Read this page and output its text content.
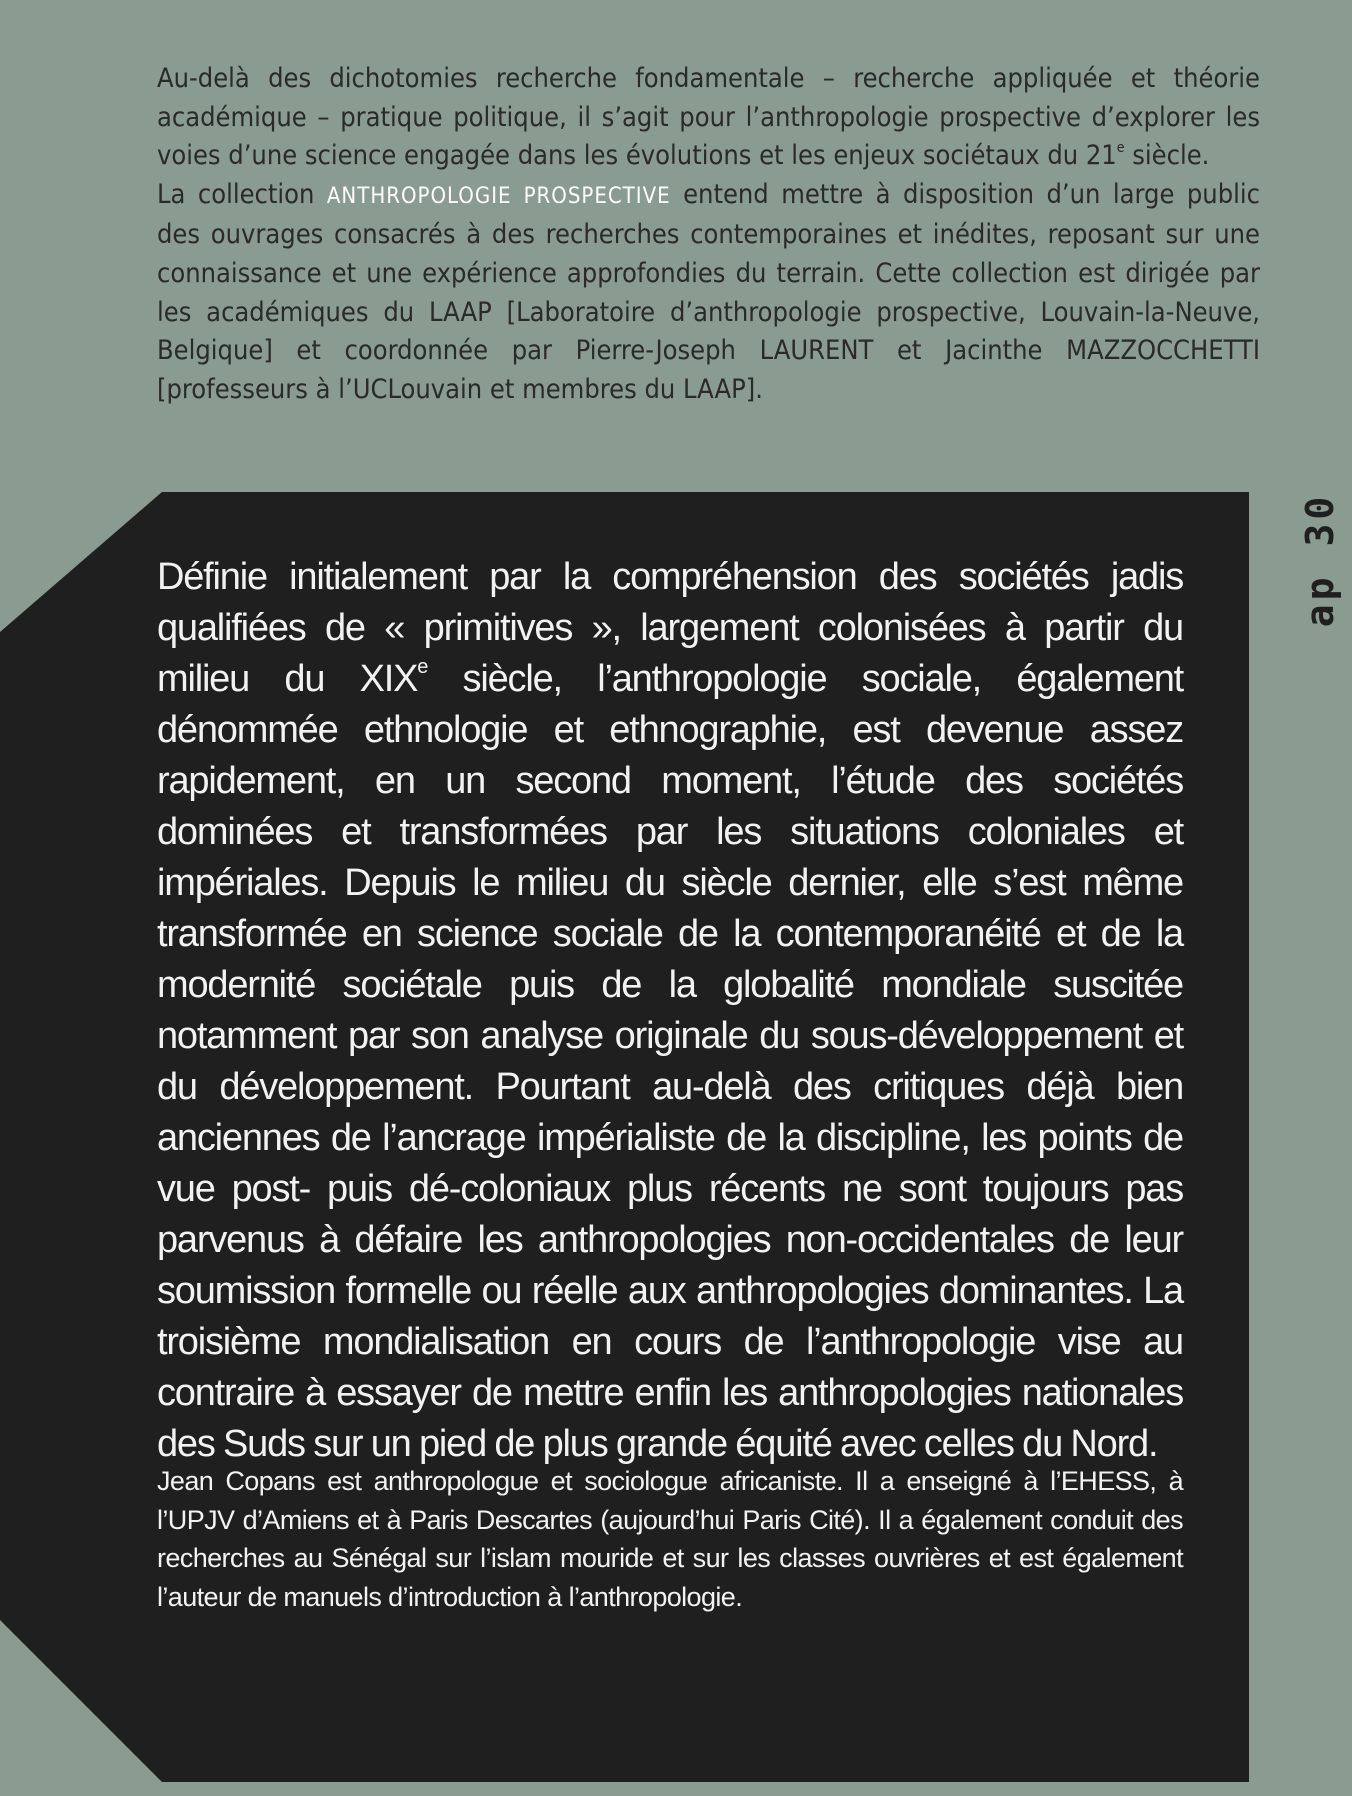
Au-delà des dichotomies recherche fondamentale – recherche appliquée et théorie académique – pratique politique, il s’agit pour l’anthropologie prospective d’explorer les voies d’une science engagée dans les évolutions et les enjeux sociétaux du 21e siècle.

La collection ANTHROPOLOGIE PROSPECTIVE entend mettre à disposition d’un large public des ouvrages consacrés à des recherches contemporaines et inédites, reposant sur une connaissance et une expérience approfondies du terrain. Cette collection est dirigée par les académiques du LAAP [Laboratoire d’anthropologie prospective, Louvain-la-Neuve, Belgique] et coordonnée par Pierre-Joseph LAURENT et Jacinthe MAZZOCCHETTI [professeurs à l’UCLouvain et membres du LAAP].

ap 30
Définie initialement par la compréhension des sociétés jadis qualifiées de « primitives », largement colonisées à partir du milieu du XIXe siècle, l’anthropologie sociale, également dénommée ethnologie et ethnographie, est devenue assez rapidement, en un second moment, l’étude des sociétés dominées et transformées par les situations coloniales et impériales. Depuis le milieu du siècle dernier, elle s’est même transformée en science sociale de la contemporanéité et de la modernité sociétale puis de la globalité mondiale suscitée notamment par son analyse originale du sous-développement et du développement. Pourtant au-delà des critiques déjà bien anciennes de l’ancrage impérialiste de la discipline, les points de vue post- puis dé-coloniaux plus récents ne sont toujours pas parvenus à défaire les anthropologies non-occidentales de leur soumission formelle ou réelle aux anthropologies dominantes. La troisième mondialisation en cours de l’anthropologie vise au contraire à essayer de mettre enfin les anthropologies nationales des Suds sur un pied de plus grande équité avec celles du Nord.
Jean Copans est anthropologue et sociologue africaniste. Il a enseigné à l’EHESS, à l’UPJV d’Amiens et à Paris Descartes (aujourd’hui Paris Cité). Il a également conduit des recherches au Sénégal sur l’islam mouride et sur les classes ouvrières et est également l’auteur de manuels d’introduction à l’anthropologie.
